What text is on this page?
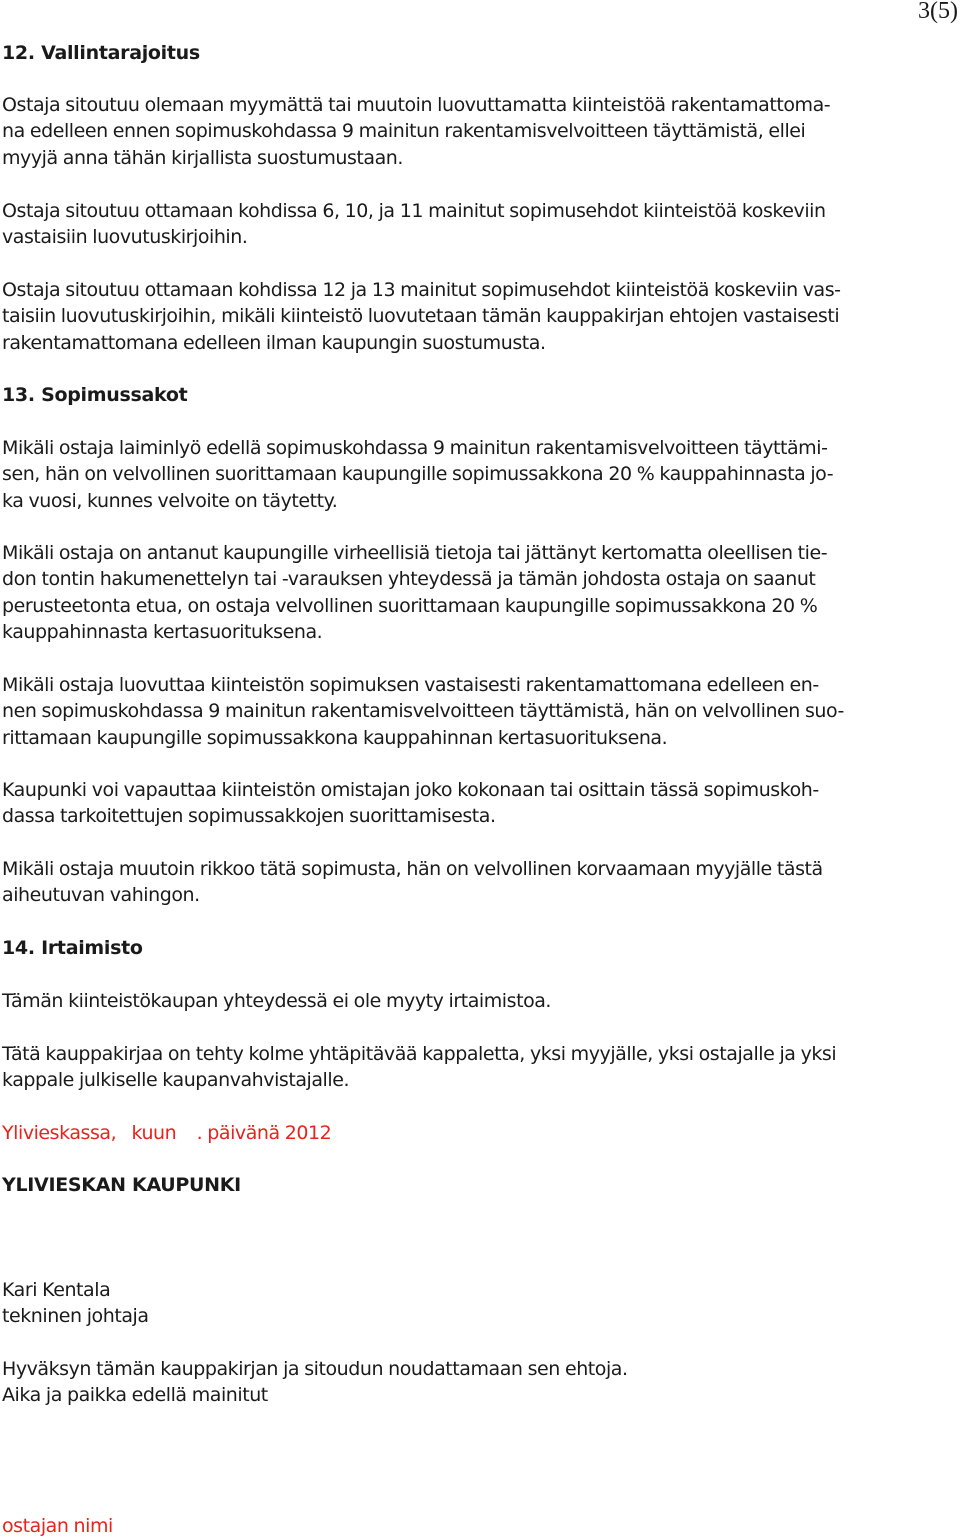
3(5)
12. Vallintarajoitus

Ostaja sitoutuu olemaan myymättä tai muutoin luovuttamatta kiinteistöä rakentamattoma-
na edelleen ennen sopimuskohdassa 9 mainitun rakentamisvelvoitteen täyttämistä, ellei
myyjä anna tähän kirjallista suostumustaan.

Ostaja sitoutuu ottamaan kohdissa 6, 10, ja 11 mainitut sopimusehdot kiinteistöä koskeviin
vastaisiin luovutuskirjoihin.

Ostaja sitoutuu ottamaan kohdissa 12 ja 13 mainitut sopimusehdot kiinteistöä koskeviin vas-
taisiin luovutuskirjoihin, mikäli kiinteistö luovutetaan tämän kauppakirjan ehtojen vastaisesti
rakentamattomana edelleen ilman kaupungin suostumusta.

13. Sopimussakot

Mikäli ostaja laiminlyö edellä sopimuskohdassa 9 mainitun rakentamisvelvoitteen täyttämi-
sen, hän on velvollinen suorittamaan kaupungille sopimussakkona 20 % kauppahinnasta jo-
ka vuosi, kunnes velvoite on täytetty.

Mikäli ostaja on antanut kaupungille virheellisiä tietoja tai jättänyt kertomatta oleellisen tie-
don tontin hakumenettelyn tai -varauksen yhteydessä ja tämän johdosta ostaja on saanut
perusteetonta etua, on ostaja velvollinen suorittamaan kaupungille sopimussakkona 20 %
kauppahinnasta kertasuorituksena.

Mikäli ostaja luovuttaa kiinteistön sopimuksen vastaisesti rakentamattomana edelleen en-
nen sopimuskohdassa 9 mainitun rakentamisvelvoitteen täyttämistä, hän on velvollinen suo-
rittamaan kaupungille sopimussakkona kauppahinnan kertasuorituksena.

Kaupunki voi vapauttaa kiinteistön omistajan joko kokonaan tai osittain tässä sopimuskoh-
dassa tarkoitettujen sopimussakkojen suorittamisesta.

Mikäli ostaja muutoin rikkoo tätä sopimusta, hän on velvollinen korvaamaan myyjälle tästä
aiheutuvan vahingon.

14. Irtaimisto

Tämän kiinteistökaupan yhteydessä ei ole myyty irtaimistoa.

Tätä kauppakirjaa on tehty kolme yhtäpitävää kappaletta, yksi myyjälle, yksi ostajalle ja yksi
kappale julkiselle kaupanvahvistajalle.

Ylivieskassa,   kuun    . päivänä 2012

YLIVIESKAN KAUPUNKI

Kari Kentala
tekninen johtaja

Hyväksyn tämän kauppakirjan ja sitoudun noudattamaan sen ehtoja.
Aika ja paikka edellä mainitut

ostajan nimi
